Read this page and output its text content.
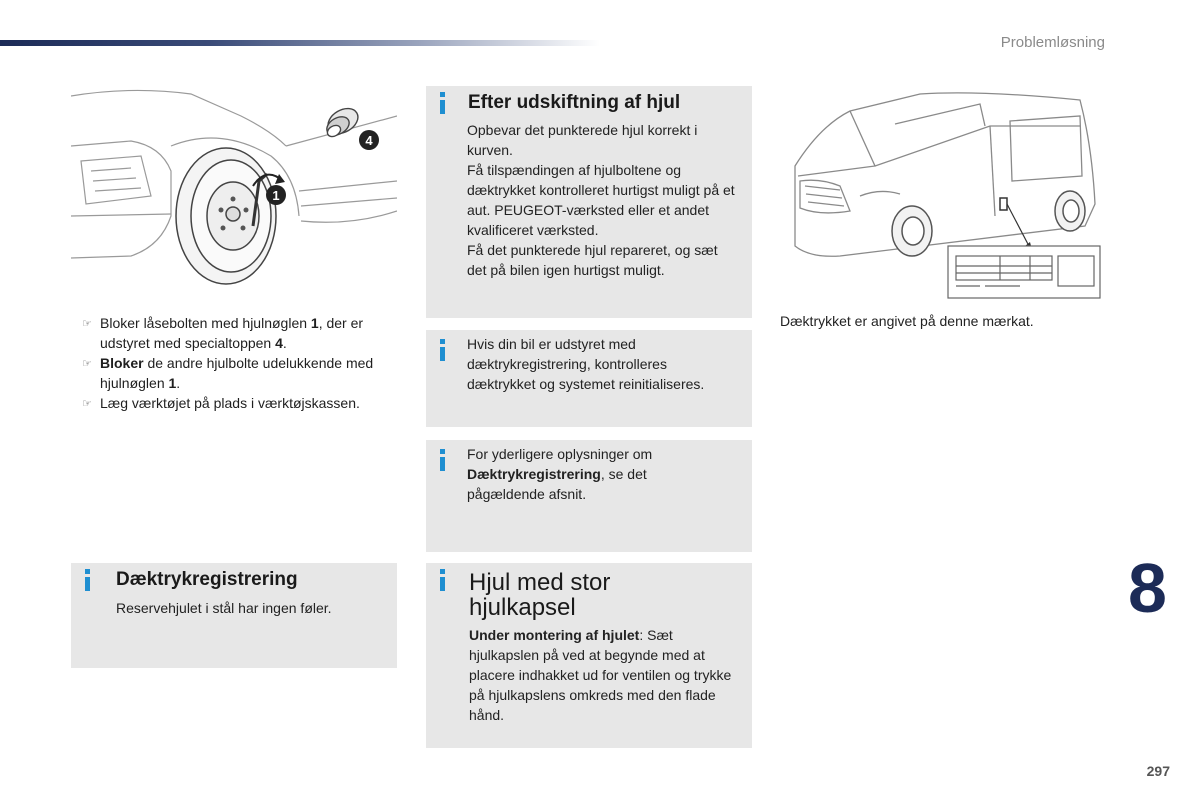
Problemløsning
1
4
☞ Bloker låsebolten med hjulnøglen 1, der er udstyret med specialtoppen 4.
☞ Bloker de andre hjulbolte udelukkende med hjulnøglen 1.
☞ Læg værktøjet på plads i værktøjskassen.
Efter udskiftning af hjul

Opbevar det punkterede hjul korrekt i kurven.

Få tilspændingen af hjulboltene og dæktrykket kontrolleret hurtigst muligt på et aut. PEUGEOT-værksted eller et andet kvalificeret værksted.

Få det punkterede hjul repareret, og sæt det på bilen igen hurtigst muligt.

Hvis din bil er udstyret med dæktrykregistrering, kontrolleres dæktrykket og systemet reinitialiseres.

For yderligere oplysninger om Dæktrykregistrering, se det pågældende afsnit.

Dæktrykregistrering

Reservehjulet i stål har ingen føler.

Hjul med stor hjulkapsel

Under montering af hjulet: Sæt hjulkapslen på ved at begynde med at placere indhakket ud for ventilen og trykke på hjulkapslens omkreds med den flade hånd.

Dæktrykket er angivet på denne mærkat.
8
297
